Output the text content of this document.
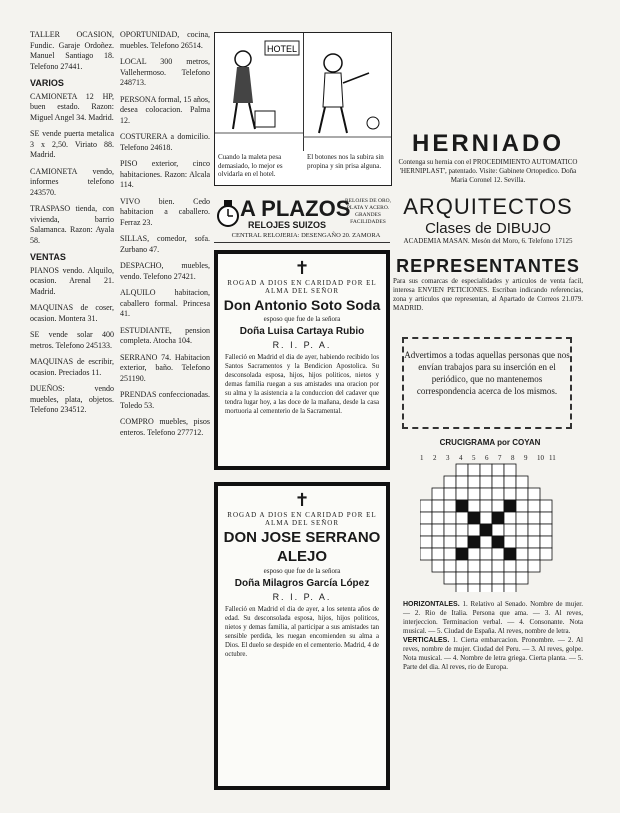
TALLER OCASION, Fundic. Garaje Ordoñez. Manuel Santiago 18. Telefono 27441.

VARIOS

CAMIONETA 12 HP, buen estado. Razon: Miguel Angel 34. Madrid.

SE vende puerta metalica 3 x 2,50. Viriato 88. Madrid.

CAMIONETA vendo, informes telefono 243570.

TRASPASO tienda, con vivienda, barrio Salamanca. Razon: Ayala 58.

VENTAS

PIANOS vendo. Alquilo, ocasion. Arenal 21. Madrid.

MAQUINAS de coser, ocasion. Montera 31.

SE vende solar 400 metros. Telefono 245133.

MAQUINAS de escribir, ocasion. Preciados 11.

DUEÑOS: vendo muebles, plata, objetos. Telefono 234512.

OPORTUNIDAD, cocina, muebles. Telefono 26514.

LOCAL 300 metros, Vallehermoso. Telefono 248713.

PERSONA formal, 15 años, desea colocacion. Palma 12.

COSTURERA a domicilio. Telefono 24618.

PISO exterior, cinco habitaciones. Razon: Alcala 114.

VIVO bien. Cedo habitacion a caballero. Ferraz 23.

SILLAS, comedor, sofa. Zurbano 47.

DESPACHO, muebles, vendo. Telefono 27421.

ALQUILO habitacion, caballero formal. Princesa 41.

ESTUDIANTE, pension completa. Atocha 104.

SERRANO 74. Habitacion exterior, baño. Telefono 251190.

PRENDAS confeccionadas. Toledo 53.

COMPRO muebles, pisos enteros. Telefono 277712.

HOTEL
Cuando la maleta pesa demasiado, lo mejor es olvidarla en el hotel.
El botones nos la subira sin propina y sin prisa alguna.
A PLAZOS
RELOJES SUIZOS
RELOJES DE ORO, PLATA Y ACERO. GRANDES FACILIDADES
CENTRAL RELOJERIA: DESENGAÑO 20. ZAMORA
✝
ROGAD A DIOS EN CARIDAD POR EL ALMA DEL SEÑOR
Don Antonio Soto Soda
esposo que fue de la señora
Doña Luisa Cartaya Rubio
R. I. P. A.
Falleció en Madrid el dia de ayer, habiendo recibido los Santos Sacramentos y la Bendicion Apostolica. Su desconsolada esposa, hijos, hijos politicos, nietos y demas familia ruegan a sus amistades una oracion por su alma y la asistencia a la conduccion del cadaver que tendra lugar hoy, a las doce de la mañana, desde la casa mortuoria al cementerio de la Sacramental.
✝
ROGAD A DIOS EN CARIDAD POR EL ALMA DEL SEÑOR
DON JOSE SERRANO
ALEJO
esposo que fue de la señora
Doña Milagros García López
R. I. P. A.
Falleció en Madrid el dia de ayer, a los setenta años de edad. Su desconsolada esposa, hijos, hijos politicos, nietos y demas familia, al participar a sus amistades tan sensible perdida, les ruegan encomienden su alma a Dios. El duelo se despide en el cementerio. Madrid, 4 de octubre.
HERNIADO
Contenga su hernia con el PROCEDIMIENTO AUTOMATICO 'HERNIPLAST', patentado. Visite: Gabinete Ortopedico. Doña Maria Coronel 12. Sevilla.
ARQUITECTOS
Clases de DIBUJO
ACADEMIA MASAN. Mesón del Moro, 6. Telefono 17125
REPRESENTANTES
Para sus comarcas de especialidades y articulos de venta facil, interesa ENVIEN PETICIONES. Escriban indicando referencias, zona y articulos que representan, al Apartado de Correos 21.079. MADRID.
Advertimos a todas aquellas personas que nos envían trabajos para su inserción en el periódico, que no mantenemos correspondencia acerca de los mismos.
CRUCIGRAMA por COYAN
1 2 3 4 5 6 7 8 9 10 11
HORIZONTALES. 1. Relativo al Senado. Nombre de mujer. — 2. Rio de Italia. Persona que ama. — 3. Al reves, interjeccion. Terminacion verbal. — 4. Consonante. Nota musical. — 5. Ciudad de España. Al reves, nombre de letra.
VERTICALES. 1. Cierta embarcacion. Pronombre. — 2. Al reves, nombre de mujer. Ciudad del Peru. — 3. Al reves, golpe. Nota musical. — 4. Nombre de letra griega. Cierta planta. — 5. Parte del dia. Al reves, rio de Europa.
